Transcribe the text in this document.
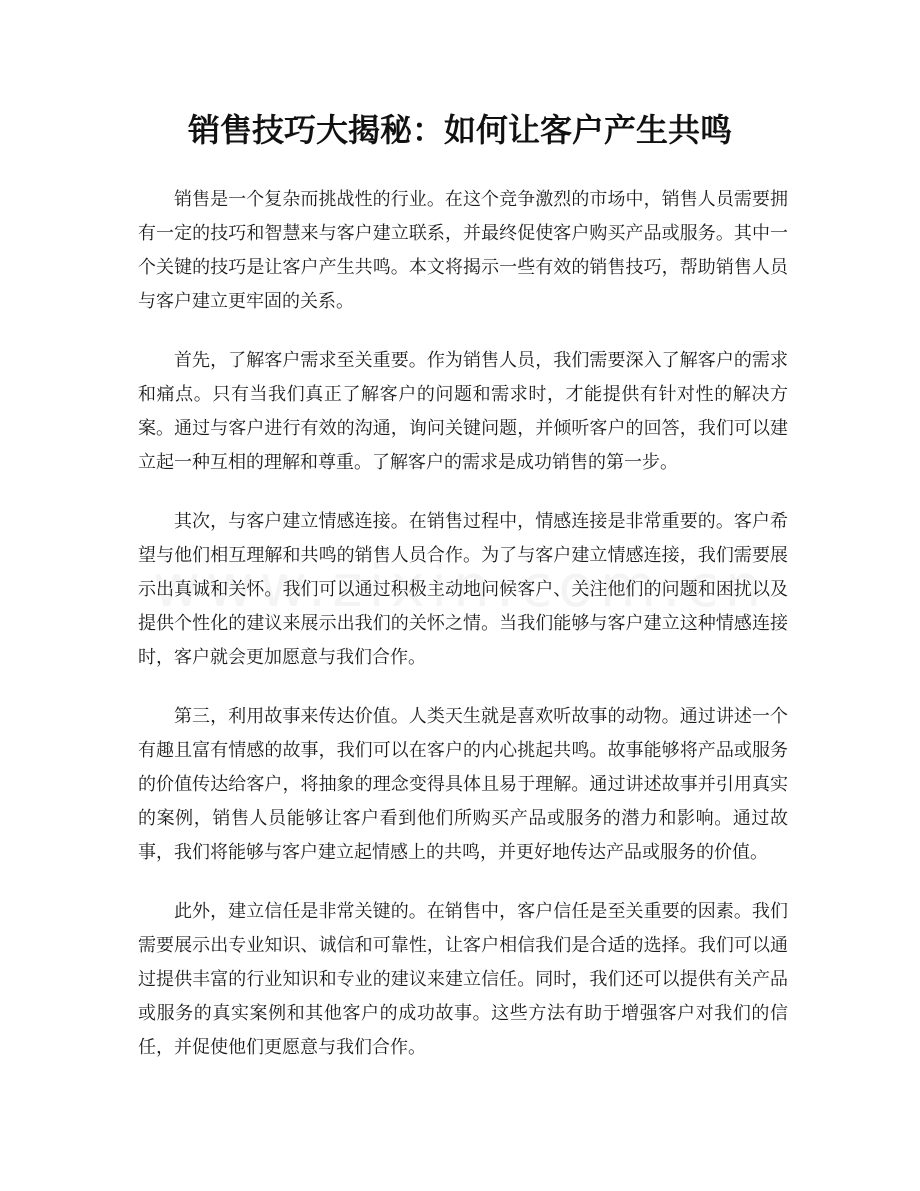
销售技巧大揭秘：如何让客户产生共鸣

销售是一个复杂而挑战性的行业。在这个竞争激烈的市场中，销售人员需要拥有一定的技巧和智慧来与客户建立联系，并最终促使客户购买产品或服务。其中一个关键的技巧是让客户产生共鸣。本文将揭示一些有效的销售技巧，帮助销售人员与客户建立更牢固的关系。

首先，了解客户需求至关重要。作为销售人员，我们需要深入了解客户的需求和痛点。只有当我们真正了解客户的问题和需求时，才能提供有针对性的解决方案。通过与客户进行有效的沟通，询问关键问题，并倾听客户的回答，我们可以建立起一种互相的理解和尊重。了解客户的需求是成功销售的第一步。

其次，与客户建立情感连接。在销售过程中，情感连接是非常重要的。客户希望与他们相互理解和共鸣的销售人员合作。为了与客户建立情感连接，我们需要展示出真诚和关怀。我们可以通过积极主动地问候客户、关注他们的问题和困扰以及提供个性化的建议来展示出我们的关怀之情。当我们能够与客户建立这种情感连接时，客户就会更加愿意与我们合作。

第三，利用故事来传达价值。人类天生就是喜欢听故事的动物。通过讲述一个有趣且富有情感的故事，我们可以在客户的内心挑起共鸣。故事能够将产品或服务的价值传达给客户，将抽象的理念变得具体且易于理解。通过讲述故事并引用真实的案例，销售人员能够让客户看到他们所购买产品或服务的潜力和影响。通过故事，我们将能够与客户建立起情感上的共鸣，并更好地传达产品或服务的价值。

此外，建立信任是非常关键的。在销售中，客户信任是至关重要的因素。我们需要展示出专业知识、诚信和可靠性，让客户相信我们是合适的选择。我们可以通过提供丰富的行业知识和专业的建议来建立信任。同时，我们还可以提供有关产品或服务的真实案例和其他客户的成功故事。这些方法有助于增强客户对我们的信任，并促使他们更愿意与我们合作。
